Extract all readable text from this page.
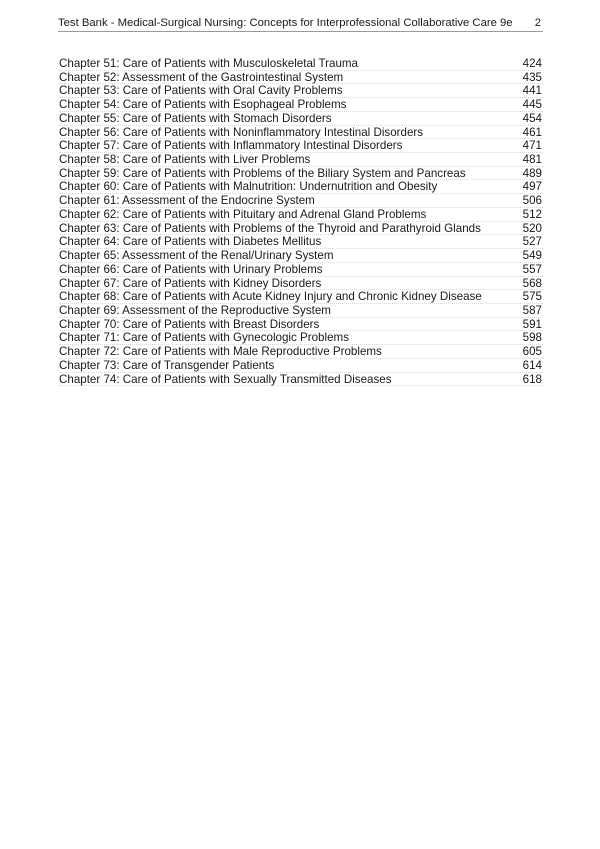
Test Bank - Medical-Surgical Nursing: Concepts for Interprofessional Collaborative Care 9e 2
Chapter 51: Care of Patients with Musculoskeletal Trauma	424
Chapter 52: Assessment of the Gastrointestinal System	435
Chapter 53: Care of Patients with Oral Cavity Problems	441
Chapter 54: Care of Patients with Esophageal Problems	445
Chapter 55: Care of Patients with Stomach Disorders	454
Chapter 56: Care of Patients with Noninflammatory Intestinal Disorders	461
Chapter 57: Care of Patients with Inflammatory Intestinal Disorders	471
Chapter 58: Care of Patients with Liver Problems	481
Chapter 59: Care of Patients with Problems of the Biliary System and Pancreas	489
Chapter 60: Care of Patients with Malnutrition: Undernutrition and Obesity	497
Chapter 61: Assessment of the Endocrine System	506
Chapter 62: Care of Patients with Pituitary and Adrenal Gland Problems	512
Chapter 63: Care of Patients with Problems of the Thyroid and Parathyroid Glands	520
Chapter 64: Care of Patients with Diabetes Mellitus	527
Chapter 65: Assessment of the Renal/Urinary System	549
Chapter 66: Care of Patients with Urinary Problems	557
Chapter 67: Care of Patients with Kidney Disorders	568
Chapter 68: Care of Patients with Acute Kidney Injury and Chronic Kidney Disease	575
Chapter 69: Assessment of the Reproductive System	587
Chapter 70: Care of Patients with Breast Disorders	591
Chapter 71: Care of Patients with Gynecologic Problems	598
Chapter 72: Care of Patients with Male Reproductive Problems	605
Chapter 73: Care of Transgender Patients	614
Chapter 74: Care of Patients with Sexually Transmitted Diseases	618
